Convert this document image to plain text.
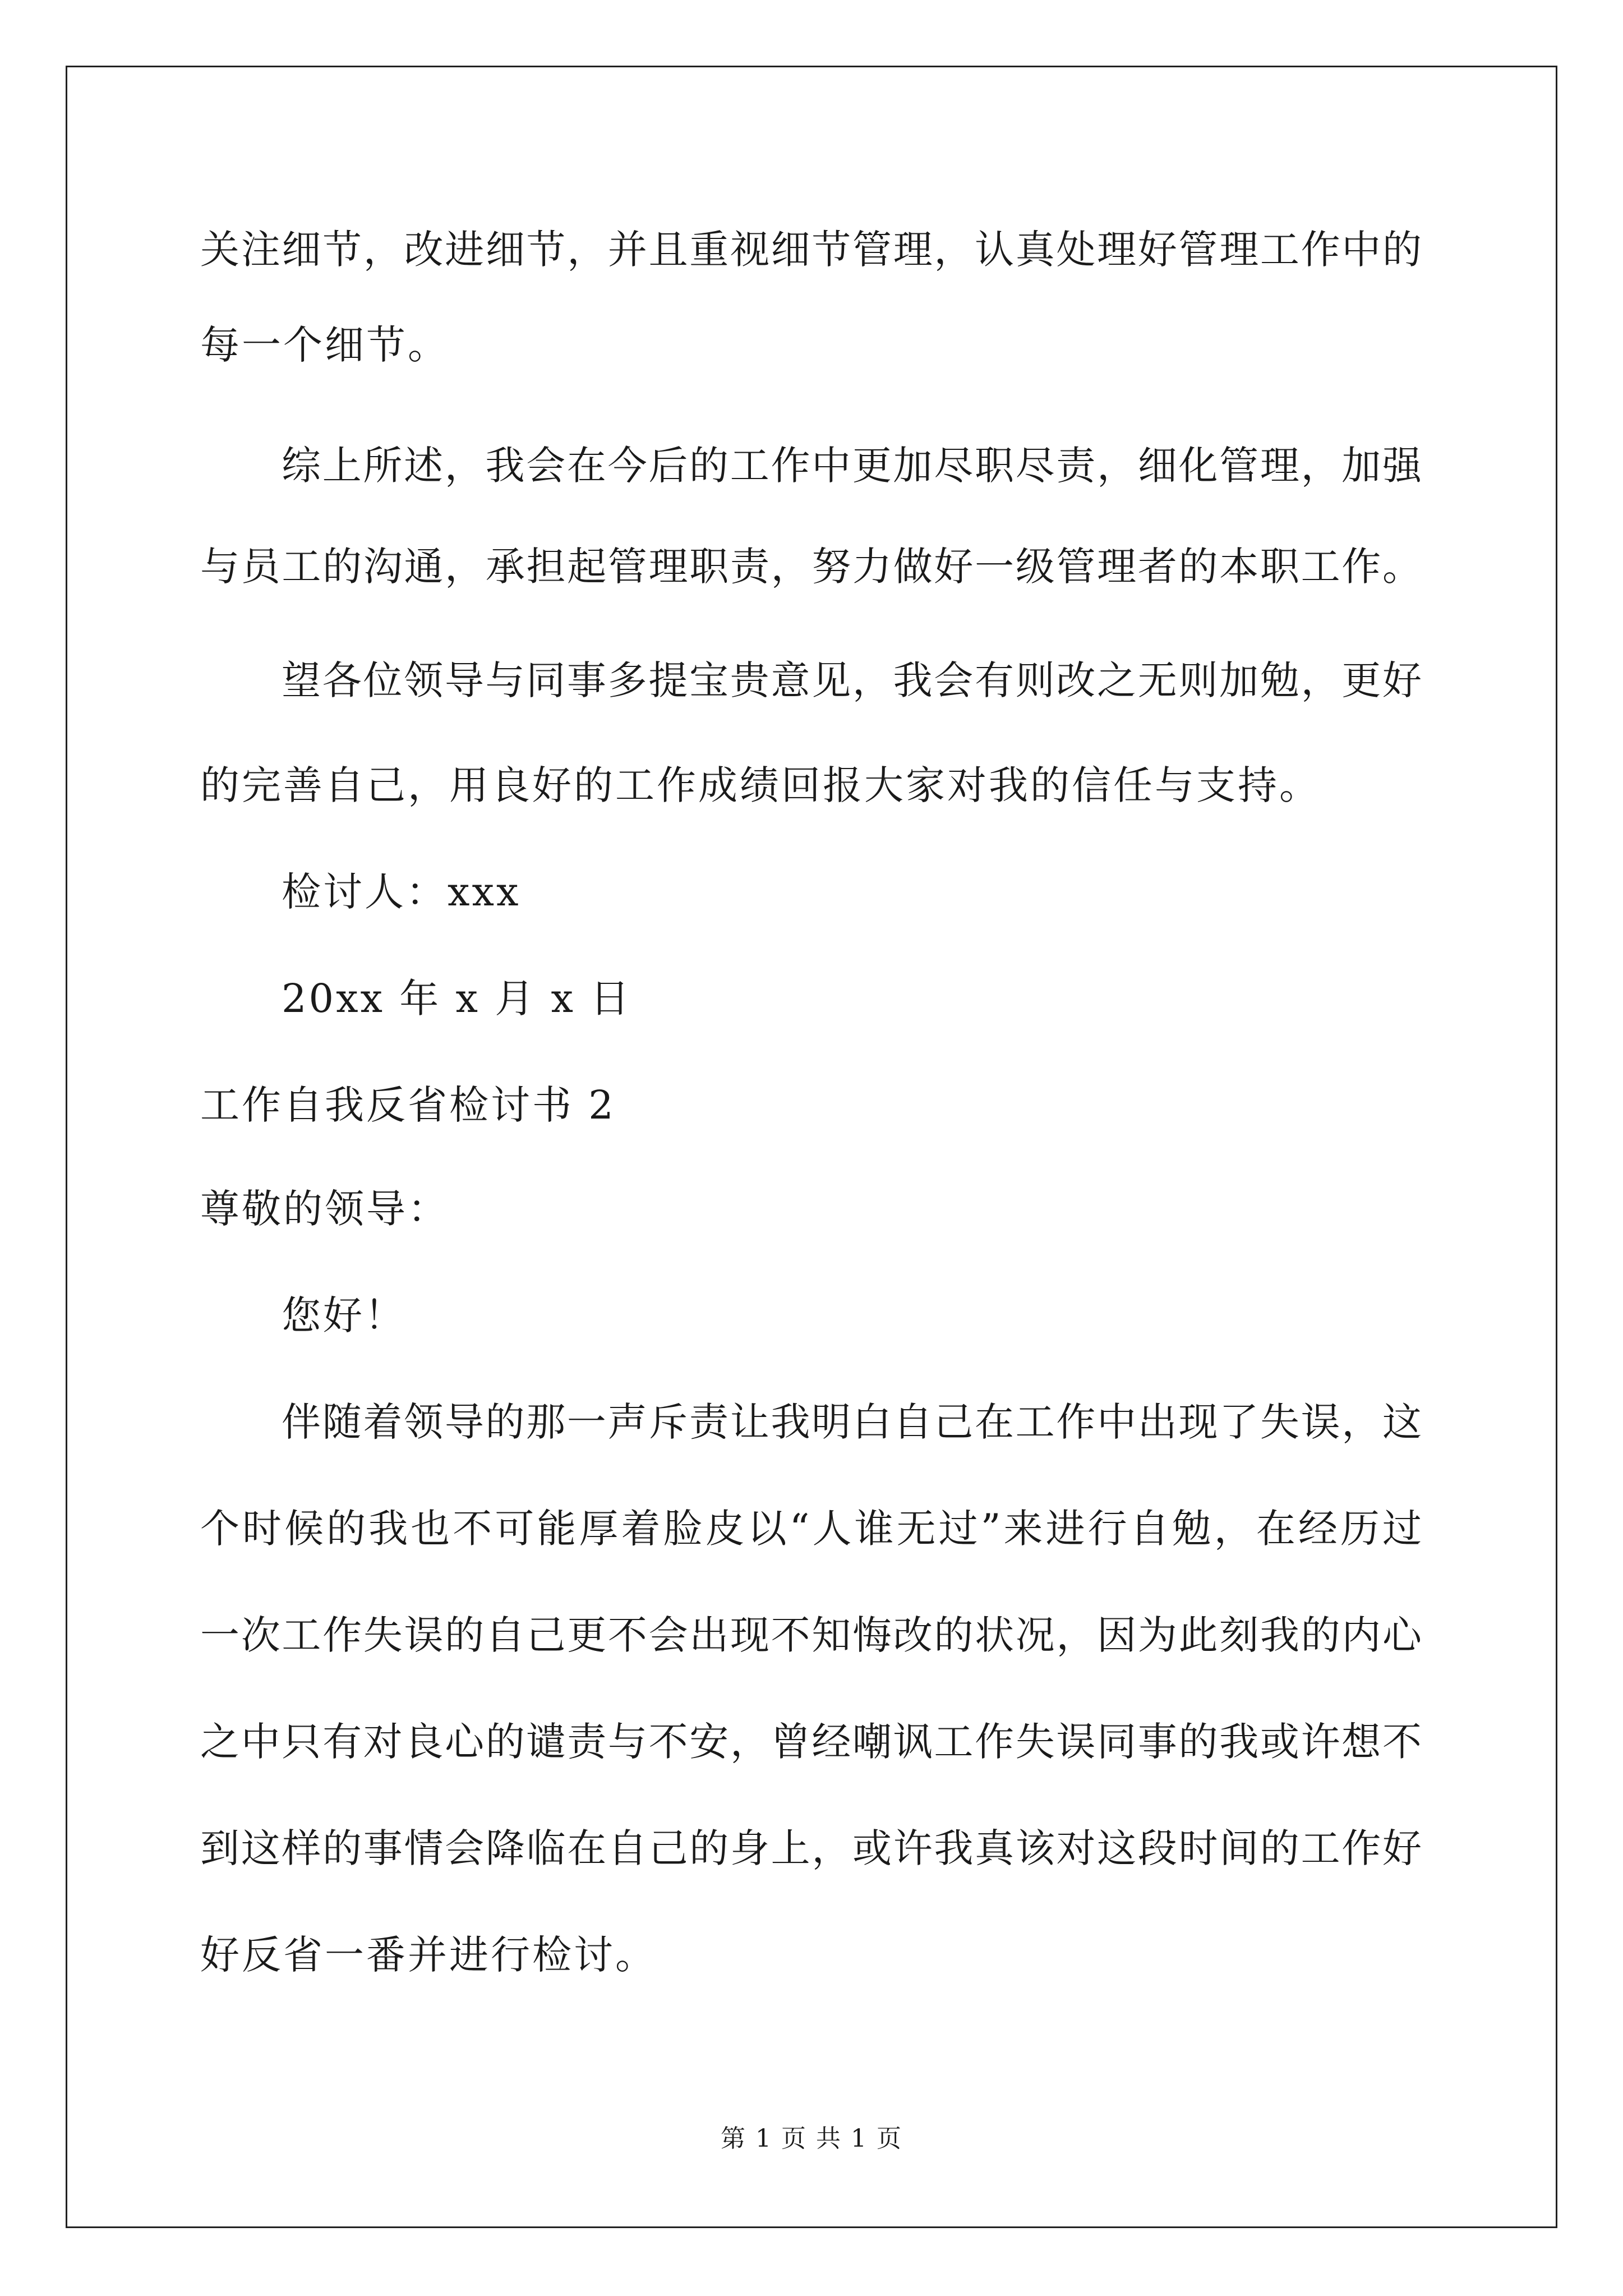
关注细节，改进细节，并且重视细节管理，认真处理好管理工作中的
每一个细节。
综上所述，我会在今后的工作中更加尽职尽责，细化管理，加强
与员工的沟通，承担起管理职责，努力做好一级管理者的本职工作。
望各位领导与同事多提宝贵意见，我会有则改之无则加勉，更好
的完善自己，用良好的工作成绩回报大家对我的信任与支持。
检讨人：xxx
20xx 年 x 月 x 日
工作自我反省检讨书 2
尊敬的领导：
您好！
伴随着领导的那一声斥责让我明白自己在工作中出现了失误，这
个时候的我也不可能厚着脸皮以“人谁无过”来进行自勉，在经历过
一次工作失误的自己更不会出现不知悔改的状况，因为此刻我的内心
之中只有对良心的谴责与不安，曾经嘲讽工作失误同事的我或许想不
到这样的事情会降临在自己的身上，或许我真该对这段时间的工作好
好反省一番并进行检讨。
第 1 页 共 1 页
